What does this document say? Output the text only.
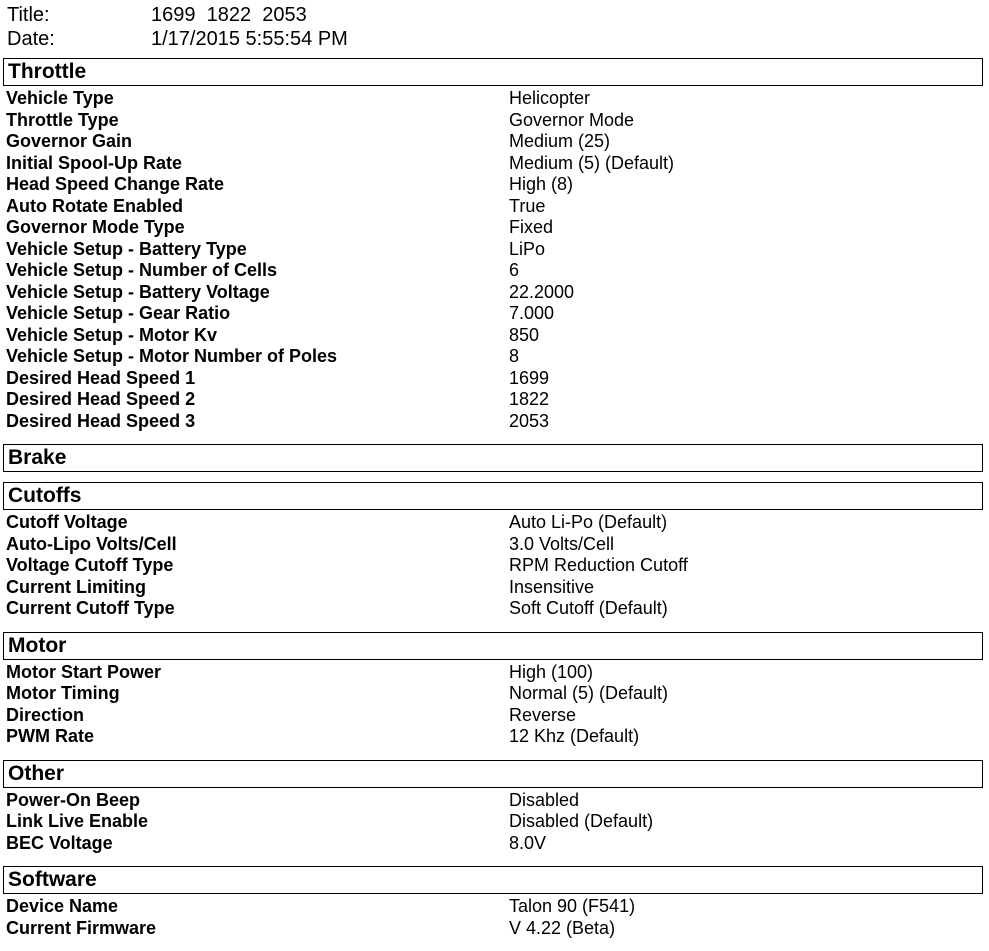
Title:	1699  1822  2053
Date:	1/17/2015 5:55:54 PM
Throttle
Vehicle Type	Helicopter
Throttle Type	Governor Mode
Governor Gain	Medium (25)
Initial Spool-Up Rate	Medium (5) (Default)
Head Speed Change Rate	High (8)
Auto Rotate Enabled	True
Governor Mode Type	Fixed
Vehicle Setup - Battery Type	LiPo
Vehicle Setup - Number of Cells	6
Vehicle Setup - Battery Voltage	22.2000
Vehicle Setup - Gear Ratio	7.000
Vehicle Setup - Motor Kv	850
Vehicle Setup - Motor Number of Poles	8
Desired Head Speed 1	1699
Desired Head Speed 2	1822
Desired Head Speed 3	2053
Brake
Cutoffs
Cutoff Voltage	Auto Li-Po (Default)
Auto-Lipo Volts/Cell	3.0 Volts/Cell
Voltage Cutoff Type	RPM Reduction Cutoff
Current Limiting	Insensitive
Current Cutoff Type	Soft Cutoff (Default)
Motor
Motor Start Power	High (100)
Motor Timing	Normal (5) (Default)
Direction	Reverse
PWM Rate	12 Khz (Default)
Other
Power-On Beep	Disabled
Link Live Enable	Disabled (Default)
BEC Voltage	8.0V
Software
Device Name	Talon 90 (F541)
Current Firmware	V 4.22 (Beta)
